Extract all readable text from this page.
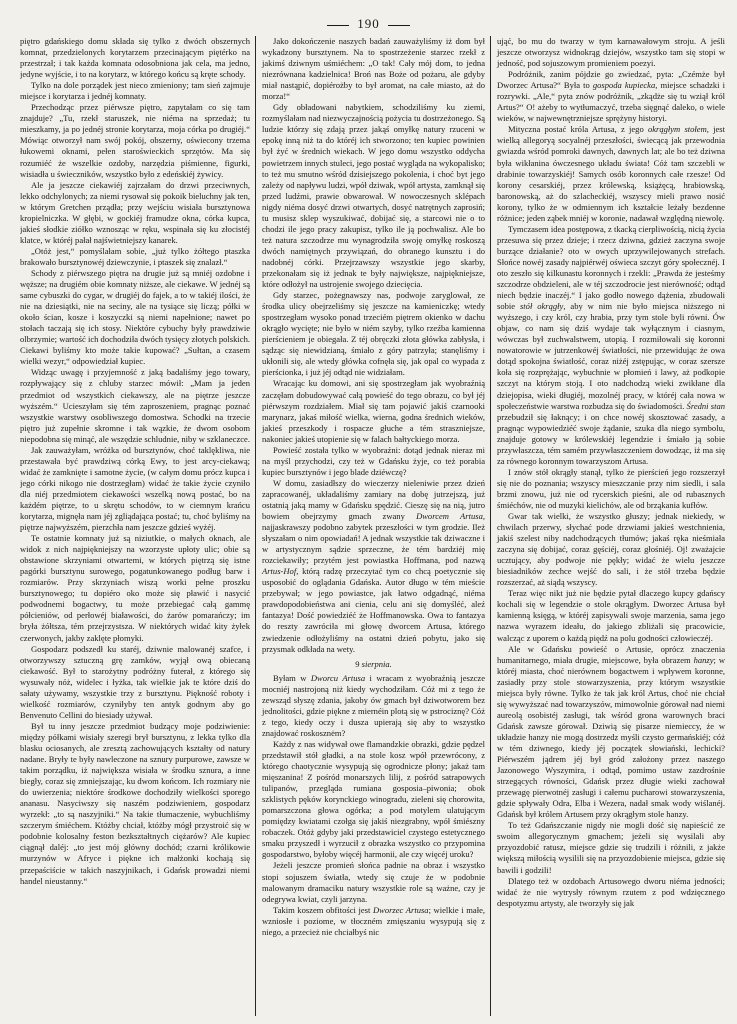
190

piętro gdańskiego domu składa się tylko z dwóch obszernych komnat, przedzielonych korytarzem przecinającym piętérko na przestrzał; i tak każda komnata odosobniona jak cela, ma jedno, jedyne wyjście, i to na korytarz, w którego końcu są kręte schody.

Tylko na dole porządek jest nieco zmieniony; tam sień zajmuje miejsce i korytarza i jednéj komnaty.

Przechodząc przez piérwsze piętro, zapytałam co się tam znajduje? „Tu, rzekł staruszek, nie niéma na sprzedaż; tu mieszkamy, ja po jednéj stronie korytarza, moja córka po drugiéj.“ Mówiąc otworzył nam swój pokój, obszerny, oświecony trzema łukowemi oknami, pełen staroświeckich sprzętów. Ma się rozumiéć że wszelkie ozdoby, narzędzia piśmienne, figurki, wisiadła u świeczników, wszystko było z edeńskiéj żywicy.

Ale ja jeszcze ciekawiéj zajrzałam do drzwi przeciwnych, lekko odchylonych; za niemi rysował się pokoik bieluchny jak ten, w którym Gretchen prządła; przy wejściu wisiała bursztynowa kropielniczka. W głębi, w gockiéj framudze okna, córka kupca, jakieś słodkie ziółko wznosząc w ręku, wspinała się ku złocistéj klatce, w któréj pałał najświetniejszy kanarek.

„Otóż jest,“ pomyślałam sobie, „już tylko żółtego ptaszka brakowało bursztynowéj dziewczynie, i ptaszek się znalazł.“

Schody z piérwszego piętra na drugie już są mniéj ozdobne i węższe; na drugiém obie komnaty niższe, ale ciekawe. W jednéj są same cybuszki do cygar, w drugiéj do fajek, a to w takiéj ilości, że nie na dziesiątki, nie na seciny, ale na tysiące się liczą; półki w około ścian, kosze i koszyczki są niemi napełnione; nawet po stołach taczają się ich stosy. Niektóre cybuchy były prawdziwie olbrzymie; wartość ich dochodziła dwóch tysięcy złotych polskich. Ciekawi byliśmy kto może takie kupować? „Sułtan, a czasem wielki wezyr,“ odpowiedział kupiec.

Widząc uwagę i przyjemność z jaką badaliśmy jego towary, rozpływający się z chluby starzec mówił: „Mam ja jeden przedmiot od wszystkich ciekawszy, ale na piętrze jeszcze wyższém.“ Ucieszyłam się tém zaproszeniem, pragnąc poznać wszystkie warstwy osobliwszego domostwa. Schodki na trzecie piętro już zupełnie skromne i tak wązkie, że dwom osobom niepodobna się minąć, ale wszędzie schludnie, niby w szklaneczce.

Jak zauważyłam, wróżka od bursztynów, choć taklękliwa, nie przestawała być prawdziwą córką Ewy, to jest arcy-ciekawą; widać że zamknięte i samotne życie, (w całym domu prócz kupca i jego córki nikogo nie dostrzegłam) widać że takie życie czyniło dla niéj przedmiotem ciekawości wszelką nową postać, bo na każdém piętrze, to u skrętu schodów, to w ciemnym krańcu korytarza, mignęła nam jéj zgliądająca postać; tu, choć byliśmy na piętrze najwyższém, pierzchła nam jeszcze gdzieś wyżéj.

Te ostatnie komnaty już są niziutkie, o małych oknach, ale widok z nich najpiękniejszy na wzorzyste upłoty ulic; obie są obstawione skrzyniami otwartemi, w których piętrzą się istne pagórki bursztynu surowego, pogatunkowanego podług barw i rozmiarów. Przy skrzyniach wiszą worki pełne proszku bursztynowego; tu dopiéro oko może się pławić i nasycić podwodnemi bogactwy, tu może przebiegać całą gammę półcieniów, od perłowéj białawości, do żarów pomarańczy; im bryła żółtsza, tém przejrzystsza. W niektórych widać kity żyłek czerwonych, jakby zaklęte płomyki.

Gospodarz podszedł ku staréj, dziwnie malowanéj szafce, i otworzywszy sztuczną grę zamków, wyjął ową obiecaną ciekawość. Był to starożytny podróżny futerał, z którego się wysuwały nóż, widelec i łyżka, tak wielkie jak te które dziś do sałaty używamy, wszystkie trzy z bursztynu. Piękność roboty i wielkość rozmiarów, czyniłyby ten antyk godnym aby go Benvenuto Cellini do biesiady używał.

Był tu inny jeszcze przedmiot budzący moje podziwienie: między półkami wisiały szeregi brył bursztynu, z lekka tylko dla blasku ociosanych, ale zresztą zachowujących kształty od natury nadane. Bryły te były nawleczone na sznury purpurowe, zawsze w takim porządku, iż największa wisiała w środku sznura, a inne biegły, coraz się zmniejszając, ku dwom końcom. Ich rozmiary nie do uwierzenia; niektóre środkowe dochodziły wielkości sporego ananasu. Nasyciwszy się naszém podziwieniem, gospodarz wyrzekł: „to są naszyjniki.“ Na takie tłumaczenie, wybuchliśmy szczerym śmiéchem. Któżby chciał, któżby mógł przystroić się w podobnie kolosalny feston bezkształtnych ciężarów? Ale kupiec ciągnął daléj: „to jest mój główny dochód; czarni królikowie murzynów w Afryce i piękne ich małżonki kochają się przepaściście w takich naszyjnikach, i Gdańsk prowadzi niemi handel nieustanny.“

Jako dokończenie naszych badań zauważyliśmy iż dom był wykadzony bursztynem. Na to spostrzeżenie starzec rzekł z jakimś dziwnym uśmiéchem: „O tak! Cały mój dom, to jedna niezrównana kadzielnica! Broń nas Boże od pożaru, ale gdyby miał nastąpić, dopiérożby to był aromat, na całe miasto, aż do morza!“

Gdy obładowani nabytkiem, schodziliśmy ku ziemi, rozmyślałam nad niezwyczajnością pożycia tu dostrzeżonego. Są ludzie którzy się zdają przez jakąś omyłkę natury rzuceni w epokę inną niż ta do któréj ich stworzono; ten kupiec powinien był żyć w średnich wiekach. W jego domu wszystko oddycha powietrzem innych stuleci, jego postać wygląda na wykopalisko; to też mu smutno wśród dzisiejszego pokolenia, i choć byt jego zależy od napływu ludzi, wpół dziwak, wpół artysta, zamknął się przed ludźmi, prawie obwarował. W nowoczesnych sklépach nigdy niéma dosyć drzwi otwartych, dosyć natrętnych zaprosiń; tu musisz sklep wyszukiwać, dobijać się, a starcowi nie o to chodzi ile jego pracy zakupisz, tylko ile ją pochwalisz. Ale bo też natura szczodrze mu wynagrodziła swoję omyłkę roskoszą dwóch namiętnych przywiązań, do obranego kunsztu i do nadobnéj córki. Przejrzawszy wszystkie jego skarby, przekonałam się iż jednak te były największe, najpiękniejsze, które odłożył na ustrojenie swojego dziecięcia.

Gdy starzec, pożegnawszy nas, podwoje zaryglował, ze środka ulicy obejrzeliśmy się jeszcze na kamieniczkę; wtedy spostrzegłam wysoko ponad trzeciém piętrem okienko w dachu okrągło wycięte; nie było w niém szyby, tylko rzeźba kamienna pierścieniem je obiegała. Z téj obręczki złota główka zabłysła, i sądząc się niewidzianą, śmiało z góry patrzyła; stanęliśmy i ukłonili się, ale wtedy główka cofnęła się, jak opal co wypada z pierścionka, i już jéj odtąd nie widziałam.

Wracając ku domowi, ani się spostrzegłam jak wyobraźnią zaczęłam dobudowywać całą powieść do tego obrazu, co był jéj piérwszym rozdziałem. Miał się tam pojawić jakiś czarnooki marynarz, jakaś miłość wielka, wierna, godna średnich wieków, jakieś przeszkody i rospacze głuche a tém straszniejsze, nakoniec jakieś utopienie się w falach bałtyckiego morza.

Powieść została tylko w wyobraźni: dotąd jednak nieraz mi na myśl przychodzi, czy też w Gdańsku żyje, co też porabia kupiec bursztynów i jego blade dziéwczę?

W domu, zasiadłszy do wieczerzy nieleniwie przez dzień zapracowanéj, układaliśmy zamiary na dobę jutrzejszą, już ostatnią jaką mamy w Gdańsku spędzić. Cieszę się na nią, jutro bowiem obejrzymy gmach zwany Dworcem Artusa, najjaskrawszy podobno zabytek przeszłości w tym grodzie. Ileż słyszałam o nim opowiadań! A jednak wszystkie tak dziwaczne i w artystycznym sądzie sprzeczne, że tém bardziéj mię rozciekawiły; przytém jest powiastka Hoffmana, pod nazwą Artus-Hof, którą radzę przeczytać tym co chcą poetycznie się usposobić do oglądania Gdańska. Autor długo w tém mieście przebywał; w jego powiastce, jak łatwo odgadnąć, niéma prawdopodobieństwa ani cienia, celu ani się domyśléć, aleź fantazya! Dość powiedziéć że Hoffmanowska. Owa to fantazya do reszty zawróciła mi głowę dworcem Artusa, którego zwiedzenie odłożyliśmy na ostatni dzień pobytu, jako się przysmak odkłada na wety.

9 sierpnia.

Byłam w Dworcu Artusa i wracam z wyobraźnią jeszcze mocniéj nastrojoną niż kiedy wychodziłam. Cóż mi z tego że zewsząd słyszę zdania, jakoby ów gmach był dziwotworem bez jednolitości, gdzie piękne z miernéin plotą się w pstrociznę? Cóż z tego, kiedy oczy i dusza upierają się aby to wszystko znajdować roskosznėm?

Każdy z nas widywał owe flamandzkie obrazki, gdzie pędzel przedstawił stół gładki, a na stole kosz wpół przewrócony, z którego chaotycznie wysypują się ogrodnicze płony; jakaż tam mięszanina! Z pośród monarszych lilij, z pośród satrapowych tulipanów, przegląda rumiana gosposia–piwonia; obok szklistych pęków korynckiego winogradu, zieleni się chorowita, pomarszczona głowa ogórka; a pod motylem ulatującym pomiędzy kwiatami czołga się jakiś niezgrabny, wpół śmiészny robaczek. Otóż gdyby jaki przedstawiciel czystego estetycznego smaku przyszedł i wyrzucił z obrazka wszystko co przypomina gospodarstwo, byłoby więcéj harmonii, ale czy więcéj uroku?

Jeżeli jeszcze promień słońca padnie na obraz i wszystko stopi sojuszem światła, wtedy się czuje że w podobnie malowanym dramaciku natury wszystkie role są ważne, czy je odegrywa kwiat, czyli jarzyna.

Takim koszem obfitości jest Dworzec Artusa; wielkie i małe, wzniosłe i poziome, w tłoczném zmięszaniu wysypują się z niego, a przecież nie chciałbyś nic

ująć, bo mu do twarzy w tym karnawałowym stroju. A jeśli jeszcze otworzysz widnokrąg dziejów, wszystko tam się stopi w jedność, pod sojuszowym promieniem poezyi.

Podróżnik, zanim pójdzie go zwiedzać, pyta: „Czémże był Dworzec Artusa?“ Była to gospoda kupiecka, miejsce schadzki i rozrywki. „Ale,“ pyta znów podróżnik, „zkądże się tu wziął król Artus?“ O! ażeby to wytłumaczyć, trzeba sięgnąć daleko, o wiele wieków, w najwewnętrzniejsze sprężyny historyi.

Mityczna postać króla Artusa, z jego okrągłym stołem, jest wielką allegoryą socyalnéj przeszłości, świecącą jak przewodnia gwiazda wśród pomroki dawnych, dawnych lat; ale bo też dziwna była wikłanina ówczesnego układu świata! Cóż tam szczebli w drabinie towarzyskiéj! Samych osób koronnych całe rzesze! Od korony cesarskiéj, przez królewską, książęcą, hrabiowską, baronowską, aż do szlacheckiéj, wszyscy mieli prawo nosić korony, tylko że w odmiennym ich kształcie leżały bezdenne różnice; jeden ząbek mniéj w koronie, nadawał względną niewolę.

Tymczasem idea postępowa, z tkacką cierpliwością, nicią życia przesuwa się przez dzieje; i rzecz dziwna, gdzież zaczyna swoje burzące działanie? oto w owych uprzywilejowanych strefach. Słońce nowéj zasady najpiérwéj oświeca szczyt góry społecznéj. I oto zeszło się kilkunastu koronnych i rzekli: „Prawda że jesteśmy szczodrze obdzieleni, ale w téj szczodrocie jest nierówność; odtąd niech będzie inaczéj.“ I jako godło nowego dążenia, zbudowali sobie stół okrągły, aby w nim nie było miejsca niższego ni wyższego, i czy król, czy hrabia, przy tym stole byli równi. Ów objaw, co nam się dziś wydaje tak wyłącznym i ciasnym, wówczas był zuchwalstwem, utopią. I rozmiłowali się koronni nowatorowie w jutrzenkowéj światłości, nie przewidując że owa dotąd spokojna światłość, coraz niżéj zstępując, w coraz szersze koła się rozprężając, wybuchnie w płomień i lawy, aż podkopie szczyt na którym stoją. I oto nadchodzą wieki zwikłane dla dziejopisa, wieki długiéj, mozolnéj pracy, w któréj cała nowa w społeczeństwie warstwa rozbudza się do świadomości. Średni stan przebudził się łaknący; i on chce nowéj skosztować zasady, a pragnąc wypowiedziéć swoje żądanie, szuka dla niego symbolu, znajduje gotowy w królewskiéj legendzie i śmiało ją sobie przywłaszcza, tém samém przywłaszczeniem dowodząc, iż ma się za równego koronnym towarzyszom Artusa.

I znów stół okrągły stanął, tylko że pierścień jego rozszerzył się nie do poznania; wszyscy mieszczanie przy nim siedli, i sala brzmi znowu, już nie od rycerskich pieśni, ale od rubasznych śmiéchów, nie od muzyki kielichów, ale od brząkania kufłów.

Gwar tak wielki, że wszystko głuszy; jednak niekiedy, w chwilach przerwy, słychać pode drzwiami jakieś westchnienia, jakiś szelest niby nadchodzących tłumów; jakaś ręka nieśmiała zaczyna się dobijać, coraz gęściéj, coraz głośniéj. Oj! zważajcie ucztujący, aby podwoje nie pękły; widać że wielu jeszcze biesiadników zechce wejść do sali, i że stół trzeba będzie rozszerzać, aż siądą wszyscy.

Teraz więc nikt już nie będzie pytał dlaczego kupcy gdańscy kochali się w legendzie o stole okrągłym. Dworzec Artusa był kamienną księgą, w któréj zapisywali swoje marzenia, sama jego nazwa wyrazem ideału, do jakiego zbliżali się pracowicie, walcząc z uporem o każdą piędź na polu godności człowieczéj.

Ale w Gdańsku powieść o Artusie, oprócz znaczenia humanitarnego, miała drugie, miejscowe, była obrazem hanzy; w któréj miasta, choć nierównem bogactwem i wpływem koronne, zasiadły przy stole stowarzyszenia, przy którym wszystkie miejsca były równe. Tylko że tak jak król Artus, choć nie chciał się wywyższać nad towarzyszów, mimowolnie górował nad niemi aureolą osobistéj zasługi, tak wśród grona warownych braci Gdańsk zawsze górował. Dziwią się pisarze niemieccy, że w układzie hanzy nie mogą dostrzedz myśli czysto germańskiéj; cóż w tém dziwnego, kiedy jéj początek słowiański, lechicki? Piérwszém jądrem jéj był gród założony przez naszego Jazonowego Wyszymira, i odtąd, pomimo ustaw zazdrośnie strzegących równości, Gdańsk przez długie wieki zachował przewagę pierwotnéj zasługi i całemu pucharowi stowarzyszenia, gdzie spływały Odra, Elba i Wezera, nadał smak wody wiślanéj. Gdańsk był królem Artusem przy okrągłym stole hanzy.

To też Gdańszczanie nigdy nie mogli dość się napieścić ze swoim allegorycznym gmachem; jeżeli się wysilali aby przyozdobić ratusz, miejsce gdzie się trudzili i różnili, z jakże większą miłością wysilili się na przyozdobienie miejsca, gdzie się bawili i godzili!

Dlatego też w ozdobach Artusowego dworu niéma jedności; widać że nie wytrysły równym rzutem z pod wdzięcznego despotyzmu artysty, ale tworzyły się jak
